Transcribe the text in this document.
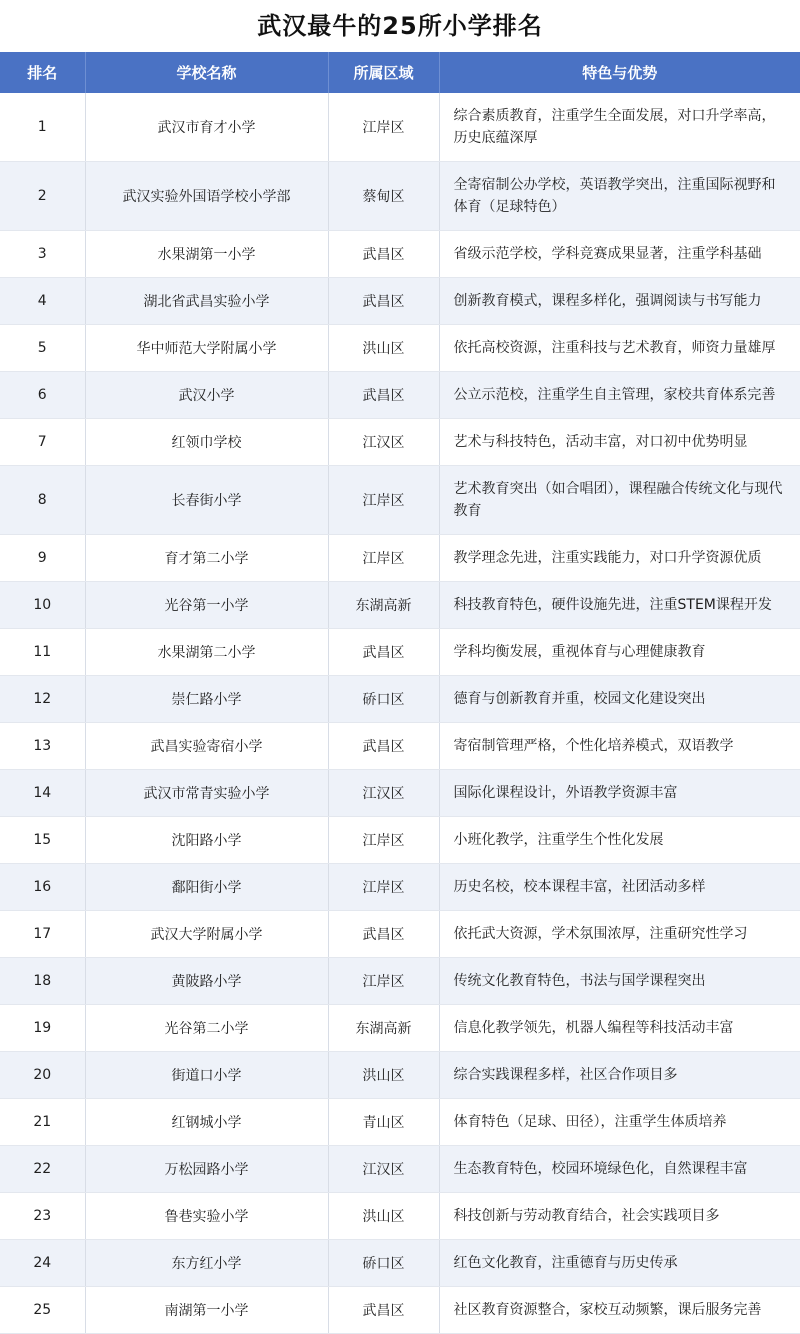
武汉最牛的25所小学排名
排名	学校名称	所属区域	特色与优势
1	武汉市育才小学	江岸区	综合素质教育，注重学生全面发展，对口升学率高，历史底蕴深厚
2	武汉实验外国语学校小学部	蔡甸区	全寄宿制公办学校，英语教学突出，注重国际视野和体育（足球特色）
3	水果湖第一小学	武昌区	省级示范学校，学科竞赛成果显著，注重学科基础
4	湖北省武昌实验小学	武昌区	创新教育模式，课程多样化，强调阅读与书写能力
5	华中师范大学附属小学	洪山区	依托高校资源，注重科技与艺术教育，师资力量雄厚
6	武汉小学	武昌区	公立示范校，注重学生自主管理，家校共育体系完善
7	红领巾学校	江汉区	艺术与科技特色，活动丰富，对口初中优势明显
8	长春街小学	江岸区	艺术教育突出（如合唱团），课程融合传统文化与现代教育
9	育才第二小学	江岸区	教学理念先进，注重实践能力，对口升学资源优质
10	光谷第一小学	东湖高新	科技教育特色，硬件设施先进，注重STEM课程开发
11	水果湖第二小学	武昌区	学科均衡发展，重视体育与心理健康教育
12	崇仁路小学	硚口区	德育与创新教育并重，校园文化建设突出
13	武昌实验寄宿小学	武昌区	寄宿制管理严格，个性化培养模式，双语教学
14	武汉市常青实验小学	江汉区	国际化课程设计，外语教学资源丰富
15	沈阳路小学	江岸区	小班化教学，注重学生个性化发展
16	鄱阳街小学	江岸区	历史名校，校本课程丰富，社团活动多样
17	武汉大学附属小学	武昌区	依托武大资源，学术氛围浓厚，注重研究性学习
18	黄陂路小学	江岸区	传统文化教育特色，书法与国学课程突出
19	光谷第二小学	东湖高新	信息化教学领先，机器人编程等科技活动丰富
20	街道口小学	洪山区	综合实践课程多样，社区合作项目多
21	红钢城小学	青山区	体育特色（足球、田径），注重学生体质培养
22	万松园路小学	江汉区	生态教育特色，校园环境绿色化，自然课程丰富
23	鲁巷实验小学	洪山区	科技创新与劳动教育结合，社会实践项目多
24	东方红小学	硚口区	红色文化教育，注重德育与历史传承
25	南湖第一小学	武昌区	社区教育资源整合，家校互动频繁，课后服务完善
